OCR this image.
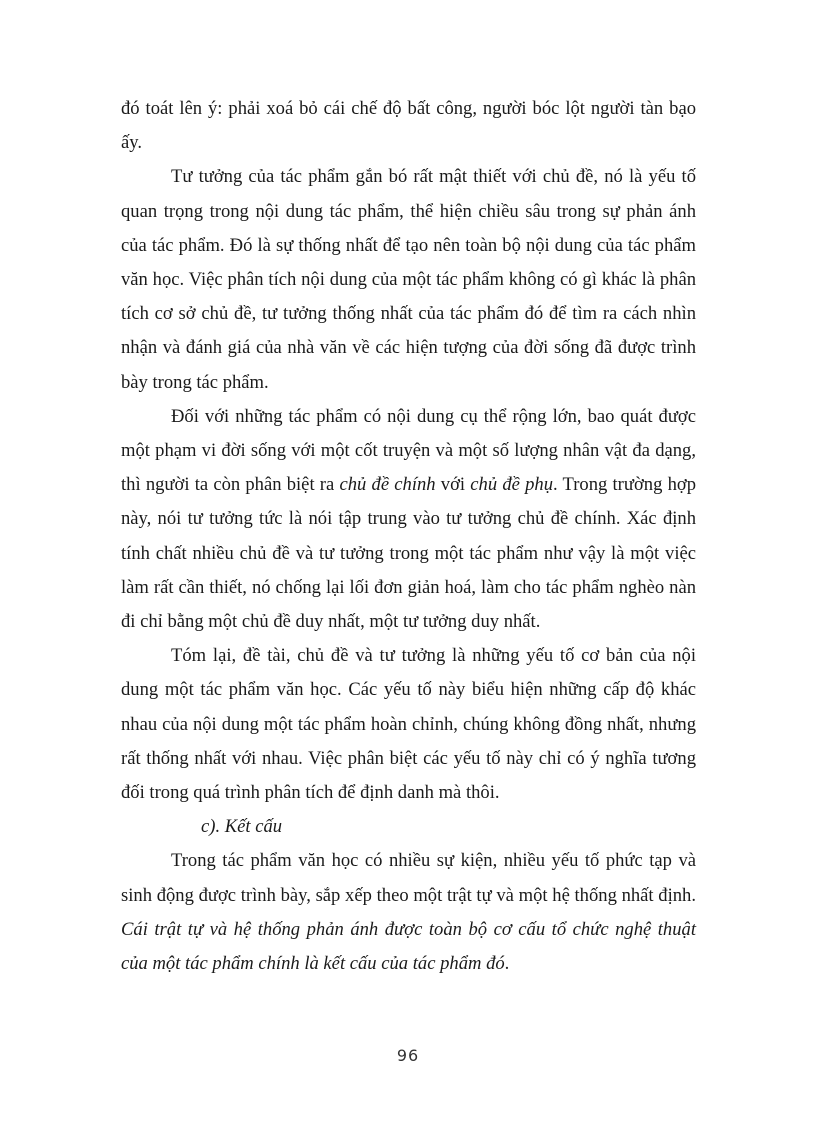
đó toát lên ý: phải xoá bỏ cái chế độ bất công, người bóc lột người tàn bạo ấy.

Tư tưởng của tác phẩm gắn bó rất mật thiết với chủ đề, nó là yếu tố quan trọng trong nội dung tác phẩm, thể hiện chiều sâu trong sự phản ánh của tác phẩm. Đó là sự thống nhất để tạo nên toàn bộ nội dung của tác phẩm văn học. Việc phân tích nội dung của một tác phẩm không có gì khác là phân tích cơ sở chủ đề, tư tưởng thống nhất của tác phẩm đó để tìm ra cách nhìn nhận và đánh giá của nhà văn về các hiện tượng của đời sống đã được trình bày trong tác phẩm.

Đối với những tác phẩm có nội dung cụ thể rộng lớn, bao quát được một phạm vi đời sống với một cốt truyện và một số lượng nhân vật đa dạng, thì người ta còn phân biệt ra chủ đề chính với chủ đề phụ. Trong trường hợp này, nói tư tưởng tức là nói tập trung vào tư tưởng chủ đề chính. Xác định tính chất nhiều chủ đề và tư tưởng trong một tác phẩm như vậy là một việc làm rất cần thiết, nó chống lại lối đơn giản hoá, làm cho tác phẩm nghèo nàn đi chỉ bằng một chủ đề duy nhất, một tư tưởng duy nhất.

Tóm lại, đề tài, chủ đề và tư tưởng là những yếu tố cơ bản của nội dung một tác phẩm văn học. Các yếu tố này biểu hiện những cấp độ khác nhau của nội dung một tác phẩm hoàn chỉnh, chúng không đồng nhất, nhưng rất thống nhất với nhau. Việc phân biệt các yếu tố này chỉ có ý nghĩa tương đối trong quá trình phân tích để định danh mà thôi.

c). Kết cấu

Trong tác phẩm văn học có nhiều sự kiện, nhiều yếu tố phức tạp và sinh động được trình bày, sắp xếp theo một trật tự và một hệ thống nhất định. Cái trật tự và hệ thống phản ánh được toàn bộ cơ cấu tổ chức nghệ thuật của một tác phẩm chính là kết cấu của tác phẩm đó.

96
